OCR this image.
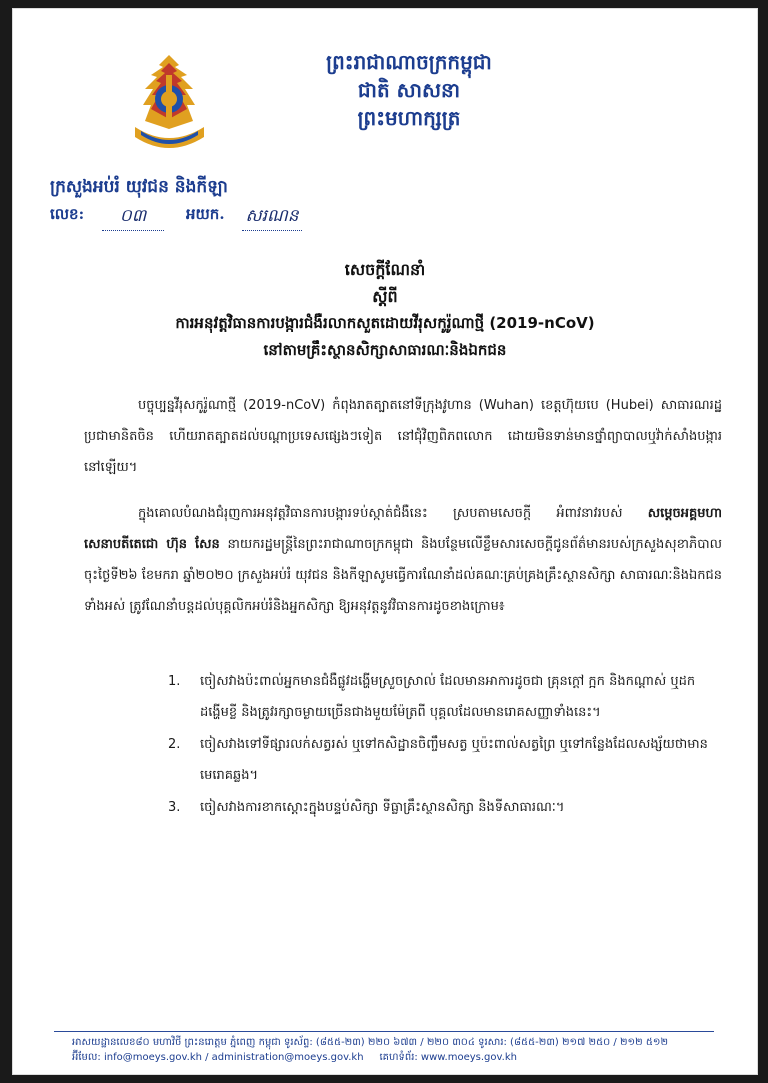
ព្រះរាជាណាចក្រកម្ពុជា
ជាតិ សាសនា ព្រះមហាក្សត្រ
ក្រសួងអប់រំ យុវជន និងកីឡា
លេខ:	០៣	អយក. សរណន
សេចក្តីណែនាំ
ស្តីពី
ការអនុវត្តវិធានការបង្ការជំងឺរលាកសួតដោយវីរុសកូរ៉ូណាថ្មី (2019-nCoV)
នៅតាមគ្រឹះស្ថានសិក្សាសាធារណៈនិងឯកជន
បច្ចុប្បន្នវីរុសកូរ៉ូណាថ្មី (2019-nCoV) កំពុងរាតត្បាតនៅទីក្រុងវូហាន (Wuhan) ខេត្តហ៊ុយបេ (Hubei) សាធារណរដ្ឋប្រជាមានិតចិន ហើយរាតត្បាតដល់បណ្តាប្រទេសផ្សេងៗទៀត នៅជុំវិញពិភពលោក ដោយមិនទាន់មានថ្នាំព្យាបាលឬវ៉ាក់សាំងបង្ការនៅឡើយ។
ក្នុងគោលបំណងជំរុញការអនុវត្តវិធានការបង្ការទប់ស្កាត់ជំងឺនេះ ស្របតាមសេចក្តី អំពាវនាវរបស់ សម្តេចអគ្គមហាសេនាបតីតេជោ ហ៊ុន សែន នាយករដ្ឋមន្ត្រីនៃព្រះរាជាណាចក្រកម្ពុជា និងបន្ថែមលើខ្លឹមសារសេចក្តីជូនព័ត៌មានរបស់ក្រសួងសុខាភិបាល ចុះថ្ងៃទី២៦ ខែមករា ឆ្នាំ២០២០ ក្រសួងអប់រំ យុវជន និងកីឡាសូមធ្វើការណែនាំដល់គណៈគ្រប់គ្រងគ្រឹះស្ថានសិក្សា សាធារណៈនិងឯកជនទាំងអស់ ត្រូវណែនាំបន្តដល់បុគ្គលិកអប់រំនិងអ្នកសិក្សា ឱ្យអនុវត្តនូវវិធានការដូចខាងក្រោម៖
1. ចៀសវាងប៉ះពាល់អ្នកមានជំងឺផ្លូវដង្ហើមស្រួចស្រាល់ ដែលមានអាការដូចជា គ្រុនក្តៅ ក្អក និងកណ្តាស់ ឬដកដង្ហើមខ្លី និងត្រូវរក្សាចម្ងាយច្រើនជាងមួយម៉ែត្រពី បុគ្គលដែលមានរោគសញ្ញាទាំងនេះ។
2. ចៀសវាងទៅទីផ្សារលក់សត្វរស់ ឬទៅកសិដ្ឋានចិញ្ចឹមសត្វ ឬប៉ះពាល់សត្វព្រៃ ឬទៅកន្លែងដែលសង្ស័យថាមានមេរោគឆ្លង។
3. ចៀសវាងការខាកស្តោះក្នុងបន្ទប់សិក្សា ទីធ្លាគ្រឹះស្ថានសិក្សា និងទីសាធារណៈ។
អាសយដ្ឋានលេខ៨០ មហាវិថី ព្រះនរោត្តម ភ្នំពេញ កម្ពុជា ទូរស័ព្ទ: (៨៥៥-២៣) ២២០ ៦៧៣ / ២២០ ៣០៤ ទូរសារ: (៨៥៥-២៣) ២១៧ ២៥០ / ២១២ ៥១២
អ៊ីមែល: info@moeys.gov.kh / administration@moeys.gov.kh គេហទំព័រ: www.moeys.gov.kh
